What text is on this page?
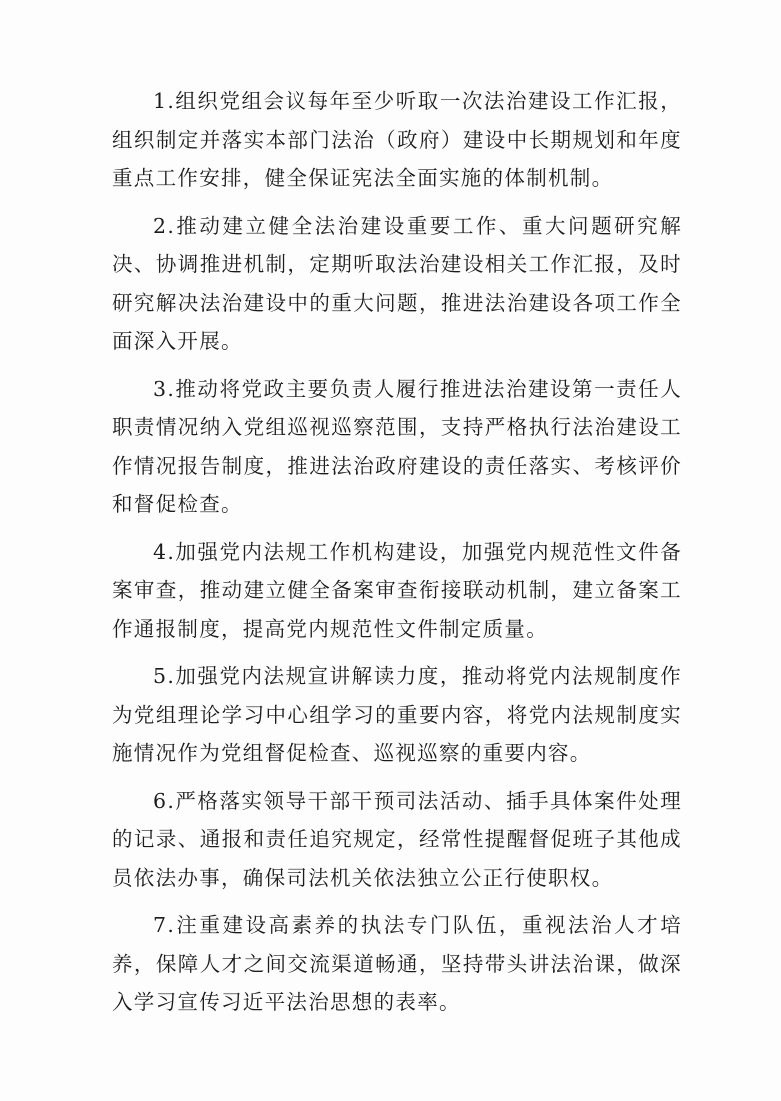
1.组织党组会议每年至少听取一次法治建设工作汇报，组织制定并落实本部门法治（政府）建设中长期规划和年度重点工作安排，健全保证宪法全面实施的体制机制。

2.推动建立健全法治建设重要工作、重大问题研究解决、协调推进机制，定期听取法治建设相关工作汇报，及时研究解决法治建设中的重大问题，推进法治建设各项工作全面深入开展。

3.推动将党政主要负责人履行推进法治建设第一责任人职责情况纳入党组巡视巡察范围，支持严格执行法治建设工作情况报告制度，推进法治政府建设的责任落实、考核评价和督促检查。

4.加强党内法规工作机构建设，加强党内规范性文件备案审查，推动建立健全备案审查衔接联动机制，建立备案工作通报制度，提高党内规范性文件制定质量。

5.加强党内法规宣讲解读力度，推动将党内法规制度作为党组理论学习中心组学习的重要内容，将党内法规制度实施情况作为党组督促检查、巡视巡察的重要内容。

6.严格落实领导干部干预司法活动、插手具体案件处理的记录、通报和责任追究规定，经常性提醒督促班子其他成员依法办事，确保司法机关依法独立公正行使职权。

7.注重建设高素养的执法专门队伍，重视法治人才培养，保障人才之间交流渠道畅通，坚持带头讲法治课，做深入学习宣传习近平法治思想的表率。
